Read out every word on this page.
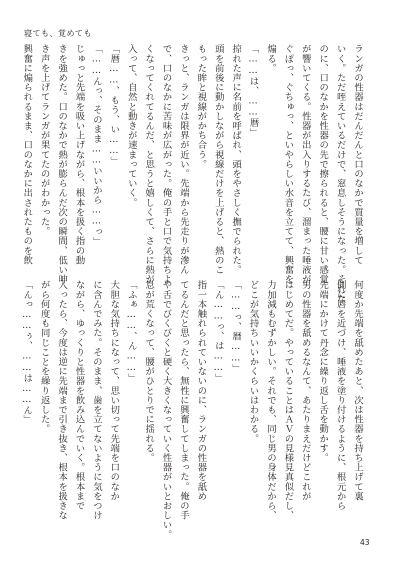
寝ても、覚めても
ランガの性器はだんだんと口のなかで質量を増して
いく。ただ咥えているだけで、窓息しそうになった。それな
のに、口のなかを性器の先で擦られると、腰に甘い感覚
が響いてくる。性器が出入りするたび、溜まった唾液が
ぐぽっ、ぐちゅっ、といやらしい水音を立てて、興奮を
煽る。
「……は、……暦」
掠れた声に名前を呼ばれ、頭をやさしく撫でられた。
頭を前後に動かしながら視線だけを上げると、熱のこ
もった眸と視線がかち合う。
きっと、ランガは限界が近い。先端から先走りが滲ん
で、口のなかに苦味が広がった。俺の手と口で気持ちよ
くなってくれてるんだ、と思うと嬉しくて、さらに熱が
入って、自然と動きが速まっていく。
「暦……、もう、い……」
「……んっ、そのまま……いいから……っ」
じゅっと先端を吸い上げながら、根本を扱く指の動
きを強めた。口のなかで熱が膨らんだ次の瞬間、低い呻
き声を上げてランガが果てたのがわかった。
興奮に煽られるまま、口のなかに出されたものを飲
何度か先端を舐めたあと、次は性器を持ち上げて裏
側に唇を近づけ、唾液を塗り付けるように、根元から
先端にかけて丹念に繰り返し舌を動かす。
男の性器を舐めるなんて、あたりまえだけどこれが
はじめてだ。やっていることはＡＶの見様見真似だし、
力加減もむずかしい。それでも、同じ男の身体だから、
どこが気持ちいいかくらいはわかる。
「……っ、暦……」
「ん……っ、は……」
指一本触れられていないのに、ランガの性器を舐め
てるんだと思ったら、無性に興奮してしまった。俺の手
や舌でびくびくと硬く大きくなっていく性器がいとおしい。
息が荒くなって、腰がひとりでに揺れる。
「ふぁ……、ん……」
大胆な気持ちになって、思い切って先端を口のなか
に含んでみた。そのまま、歯を立てないように気をつけ
ながら、ゆっくりと性器を飲み込んでいく。根本まで
入ったら、今度は逆に先端まで引き抜き、根本を扱きな
がら何度も同じことを繰り返した。
「んっ……ぅ、……は……ん」
43
